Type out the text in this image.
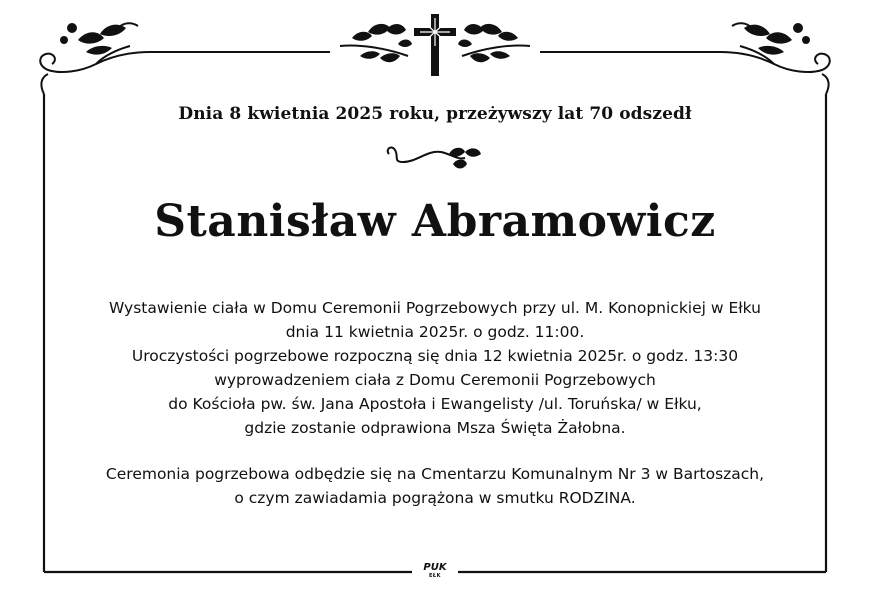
Dnia 8 kwietnia 2025 roku, przeżywszy lat 70 odszedł
Stanisław Abramowicz
Wystawienie ciała w Domu Ceremonii Pogrzebowych przy ul. M. Konopnickiej w Ełku
dnia 11 kwietnia 2025r. o godz. 11:00.
Uroczystości pogrzebowe rozpoczną się dnia 12 kwietnia 2025r. o godz. 13:30
wyprowadzeniem ciała z Domu Ceremonii Pogrzebowych
do Kościoła pw. św. Jana Apostoła i Ewangelisty /ul. Toruńska/ w Ełku,
gdzie zostanie odprawiona Msza Święta Żałobna.
Ceremonia pogrzebowa odbędzie się na Cmentarzu Komunalnym Nr 3 w Bartoszach,
o czym zawiadamia pogrążona w smutku RODZINA.
PUK
EŁK
